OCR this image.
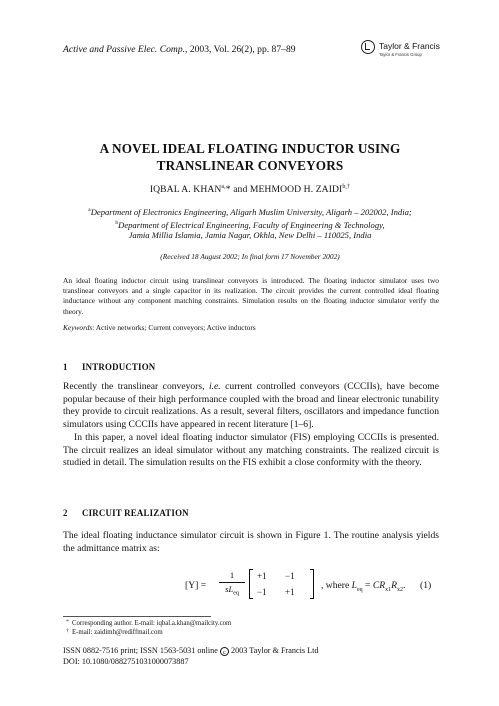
Active and Passive Elec. Comp., 2003, Vol. 26(2), pp. 87–89	Taylor & Francis
Taylor & Francis Group
A NOVEL IDEAL FLOATING INDUCTOR USING
TRANSLINEAR CONVEYORS
IQBAL A. $KHAN^{a,}*$ and MEHMOOD H. $ZAIDI^{b,\dagger}$
$^a$Department of Electronics Engineering, Aligarh Muslim University, Aligarh – 202002, India;
$^b$Department of Electrical Engineering, Faculty of Engineering & Technology,
Jamia Millia Islamia, Jamia Nagar, Okhla, New Delhi – 110025, India
(Received 18 August 2002; In final form 17 November 2002)
An ideal floating inductor circuit using translinear conveyors is introduced. The floating inductor simulator uses two translinear conveyors and a single capacitor in its realization. The circuit provides the current controlled ideal floating inductance without any component matching constraints. Simulation results on the floating inductor simulator verify the theory.
Keywords: Active networks; Current conveyors; Active inductors
1 INTRODUCTION
Recently the translinear conveyors, i.e. current controlled conveyors (CCCIIs), have become popular because of their high performance coupled with the broad and linear electronic tunability they provide to circuit realizations. As a result, several filters, oscillators and impedance function simulators using CCCIIs have appeared in recent literature [1–6].
In this paper, a novel ideal floating inductor simulator (FIS) employing CCCIIs is presented. The circuit realizes an ideal simulator without any matching constraints. The realized circuit is studied in detail. The simulation results on the FIS exhibit a close conformity with the theory.
2 CIRCUIT REALIZATION
The ideal floating inductance simulator circuit is shown in Figure 1. The routine analysis yields the admittance matrix as:
[Y] =
1
$sL_{eq}$
+1 −1
−1 +1
, where $L_{eq} = CR_{x1}R_{x2}$. (1)
* Corresponding author. E-mail: iqbal.a.khan@mailcity.com
† E-mail: zaidimh@rediffmail.com
ISSN 0882-7516 print; ISSN 1563-5031 online c 2003 Taylor & Francis Ltd
DOI: 10.1080/0882751031000073887
